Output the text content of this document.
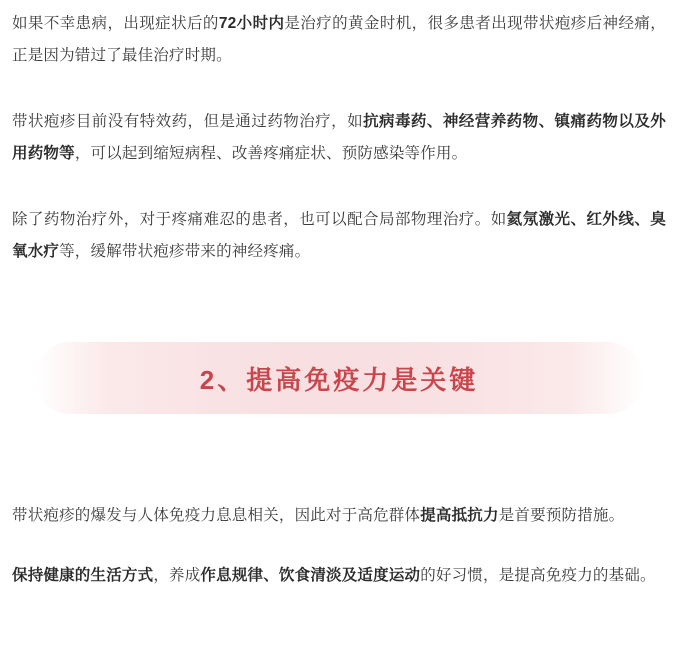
如果不幸患病，出现症状后的72小时内是治疗的黄金时机，很多患者出现带状疱疹后神经痛，正是因为错过了最佳治疗时期。

带状疱疹目前没有特效药，但是通过药物治疗，如抗病毒药、神经营养药物、镇痛药物以及外用药物等，可以起到缩短病程、改善疼痛症状、预防感染等作用。

除了药物治疗外，对于疼痛难忍的患者，也可以配合局部物理治疗。如氦氖激光、红外线、臭氧水疗等，缓解带状疱疹带来的神经疼痛。

2、提高免疫力是关键

带状疱疹的爆发与人体免疫力息息相关，因此对于高危群体提高抵抗力是首要预防措施。

保持健康的生活方式，养成作息规律、饮食清淡及适度运动的好习惯，是提高免疫力的基础。
